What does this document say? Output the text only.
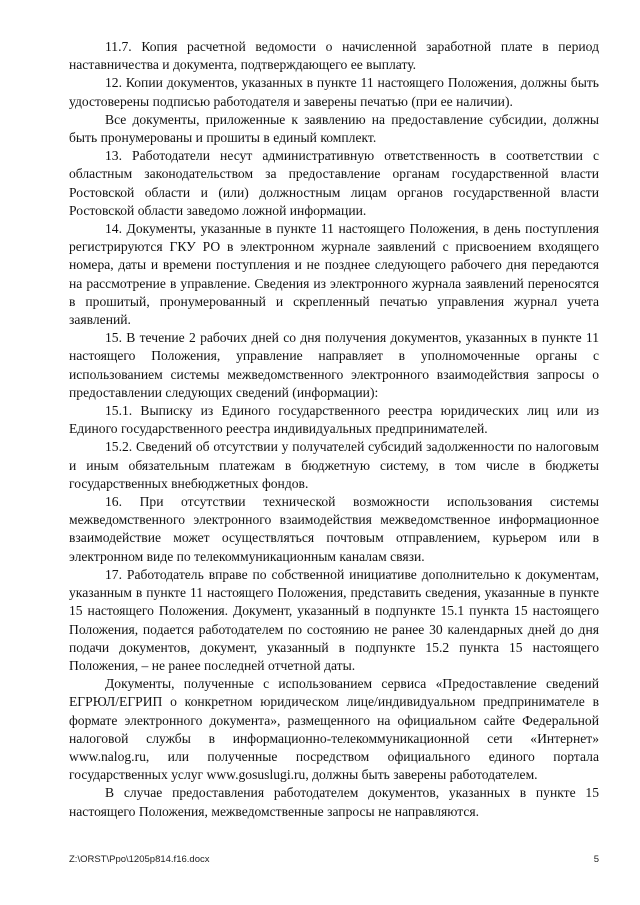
11.7. Копия расчетной ведомости о начисленной заработной плате в период наставничества и документа, подтверждающего ее выплату.

12. Копии документов, указанных в пункте 11 настоящего Положения, должны быть удостоверены подписью работодателя и заверены печатью (при ее наличии).

Все документы, приложенные к заявлению на предоставление субсидии, должны быть пронумерованы и прошиты в единый комплект.

13. Работодатели несут административную ответственность в соответствии с областным законодательством за предоставление органам государственной власти Ростовской области и (или) должностным лицам органов государственной власти Ростовской области заведомо ложной информации.

14. Документы, указанные в пункте 11 настоящего Положения, в день поступления регистрируются ГКУ РО в электронном журнале заявлений с присвоением входящего номера, даты и времени поступления и не позднее следующего рабочего дня передаются на рассмотрение в управление. Сведения из электронного журнала заявлений переносятся в прошитый, пронумерованный и скрепленный печатью управления журнал учета заявлений.

15. В течение 2 рабочих дней со дня получения документов, указанных в пункте 11 настоящего Положения, управление направляет в уполномоченные органы с использованием системы межведомственного электронного взаимодействия запросы о предоставлении следующих сведений (информации):

15.1. Выписку из Единого государственного реестра юридических лиц или из Единого государственного реестра индивидуальных предпринимателей.

15.2. Сведений об отсутствии у получателей субсидий задолженности по налоговым и иным обязательным платежам в бюджетную систему, в том числе в бюджеты государственных внебюджетных фондов.

16. При отсутствии технической возможности использования системы межведомственного электронного взаимодействия межведомственное информационное взаимодействие может осуществляться почтовым отправлением, курьером или в электронном виде по телекоммуникационным каналам связи.

17. Работодатель вправе по собственной инициативе дополнительно к документам, указанным в пункте 11 настоящего Положения, представить сведения, указанные в пункте 15 настоящего Положения. Документ, указанный в подпункте 15.1 пункта 15 настоящего Положения, подается работодателем по состоянию не ранее 30 календарных дней до дня подачи документов, документ, указанный в подпункте 15.2 пункта 15 настоящего Положения, – не ранее последней отчетной даты.

Документы, полученные с использованием сервиса «Предоставление сведений ЕГРЮЛ/ЕГРИП о конкретном юридическом лице/индивидуальном предпринимателе в формате электронного документа», размещенного на официальном сайте Федеральной налоговой службы в информационно-телекоммуникационной сети «Интернет» www.nalog.ru, или полученные посредством официального единого портала государственных услуг www.gosuslugi.ru, должны быть заверены работодателем.

В случае предоставления работодателем документов, указанных в пункте 15 настоящего Положения, межведомственные запросы не направляются.

Z:\ORST\Ppo\1205p814.f16.docx	5
